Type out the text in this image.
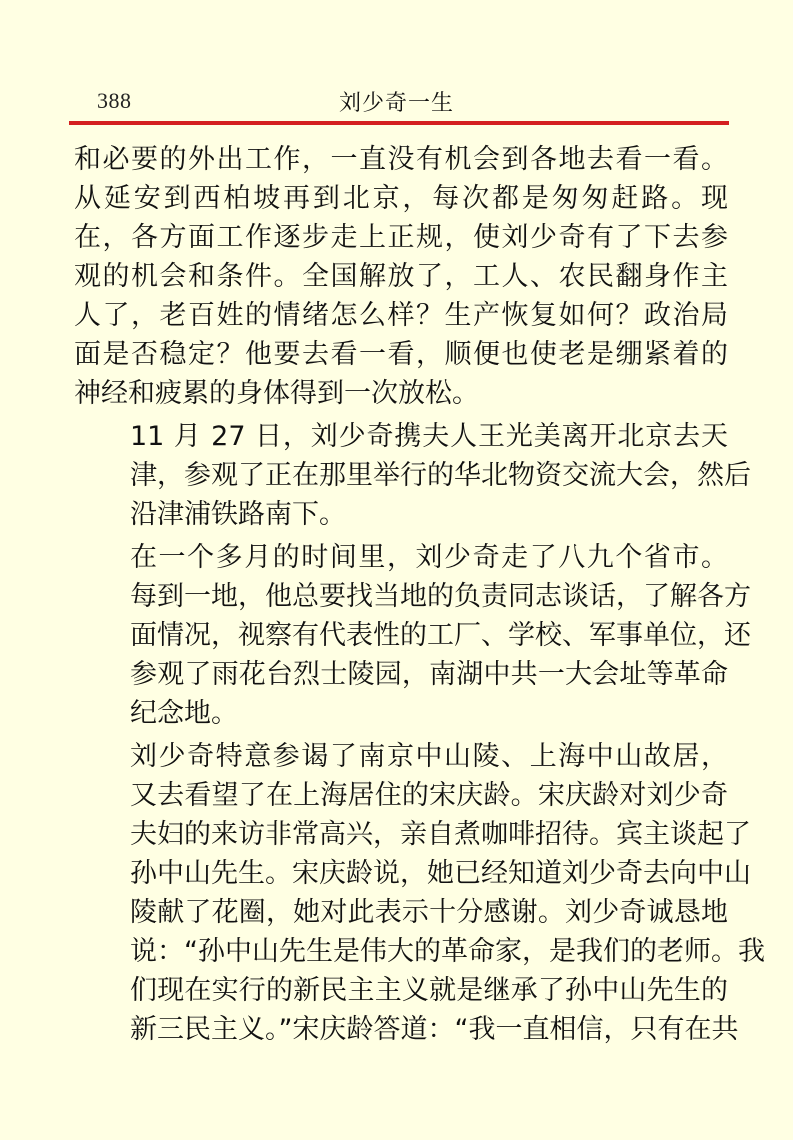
388	刘少奇一生
和必要的外出工作，一直没有机会到各地去看一看。
从延安到西柏坡再到北京，每次都是匆匆赶路。现
在，各方面工作逐步走上正规，使刘少奇有了下去参
观的机会和条件。全国解放了，工人、农民翻身作主
人了，老百姓的情绪怎么样？生产恢复如何？政治局
面是否稳定？他要去看一看，顺便也使老是绷紧着的
神经和疲累的身体得到一次放松。
11 月 27 日，刘少奇携夫人王光美离开北京去天
津，参观了正在那里举行的华北物资交流大会，然后
沿津浦铁路南下。
在一个多月的时间里，刘少奇走了八九个省市。
每到一地，他总要找当地的负责同志谈话，了解各方
面情况，视察有代表性的工厂、学校、军事单位，还
参观了雨花台烈士陵园，南湖中共一大会址等革命
纪念地。
刘少奇特意参谒了南京中山陵、上海中山故居，
又去看望了在上海居住的宋庆龄。宋庆龄对刘少奇
夫妇的来访非常高兴，亲自煮咖啡招待。宾主谈起了
孙中山先生。宋庆龄说，她已经知道刘少奇去向中山
陵献了花圈，她对此表示十分感谢。刘少奇诚恳地
说：“孙中山先生是伟大的革命家，是我们的老师。我
们现在实行的新民主主义就是继承了孙中山先生的
新三民主义。”宋庆龄答道：“我一直相信，只有在共
